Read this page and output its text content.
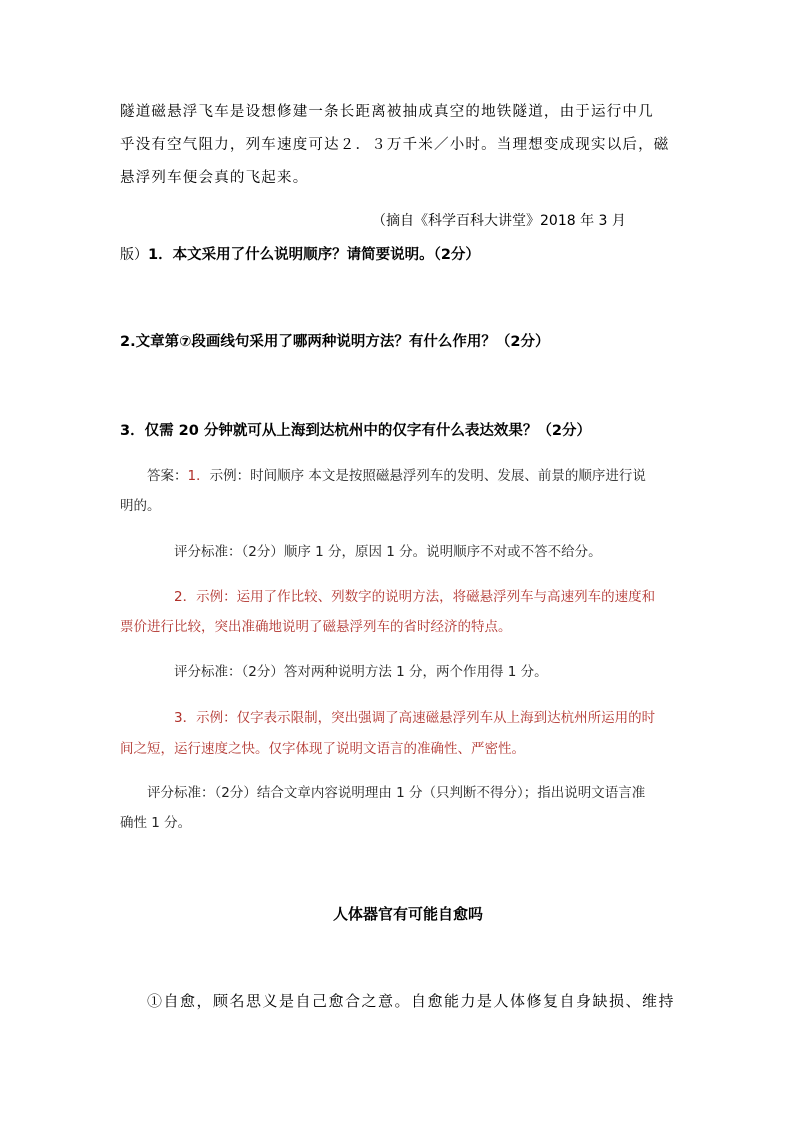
隧道磁悬浮飞车是设想修建一条长距离被抽成真空的地铁隧道，由于运行中几
乎没有空气阻力，列车速度可达２．３万千米／小时。当理想变成现实以后，磁
悬浮列车便会真的飞起来。
（摘自《科学百科大讲堂》2018 年 3 月
版）1．本文采用了什么说明顺序？请简要说明。（2分）
2.文章第⑦段画线句采用了哪两种说明方法？有什么作用？（2分）
3．仅需 20 分钟就可从上海到达杭州中的仅字有什么表达效果？（2分）
答案：1．示例：时间顺序 本文是按照磁悬浮列车的发明、发展、前景的顺序进行说
明的。
评分标准：（2分）顺序 1 分，原因 1 分。说明顺序不对或不答不给分。
2．示例：运用了作比较、列数字的说明方法，将磁悬浮列车与高速列车的速度和
票价进行比较，突出准确地说明了磁悬浮列车的省时经济的特点。
评分标准：（2分）答对两种说明方法 1 分，两个作用得 1 分。
3．示例：仅字表示限制，突出强调了高速磁悬浮列车从上海到达杭州所运用的时
间之短，运行速度之快。仅字体现了说明文语言的准确性、严密性。
评分标准：（2分）结合文章内容说明理由 1 分（只判断不得分）；指出说明文语言准
确性 1 分。
人体器官有可能自愈吗
①自愈，顾名思义是自己愈合之意。自愈能力是人体修复自身缺损、维持
